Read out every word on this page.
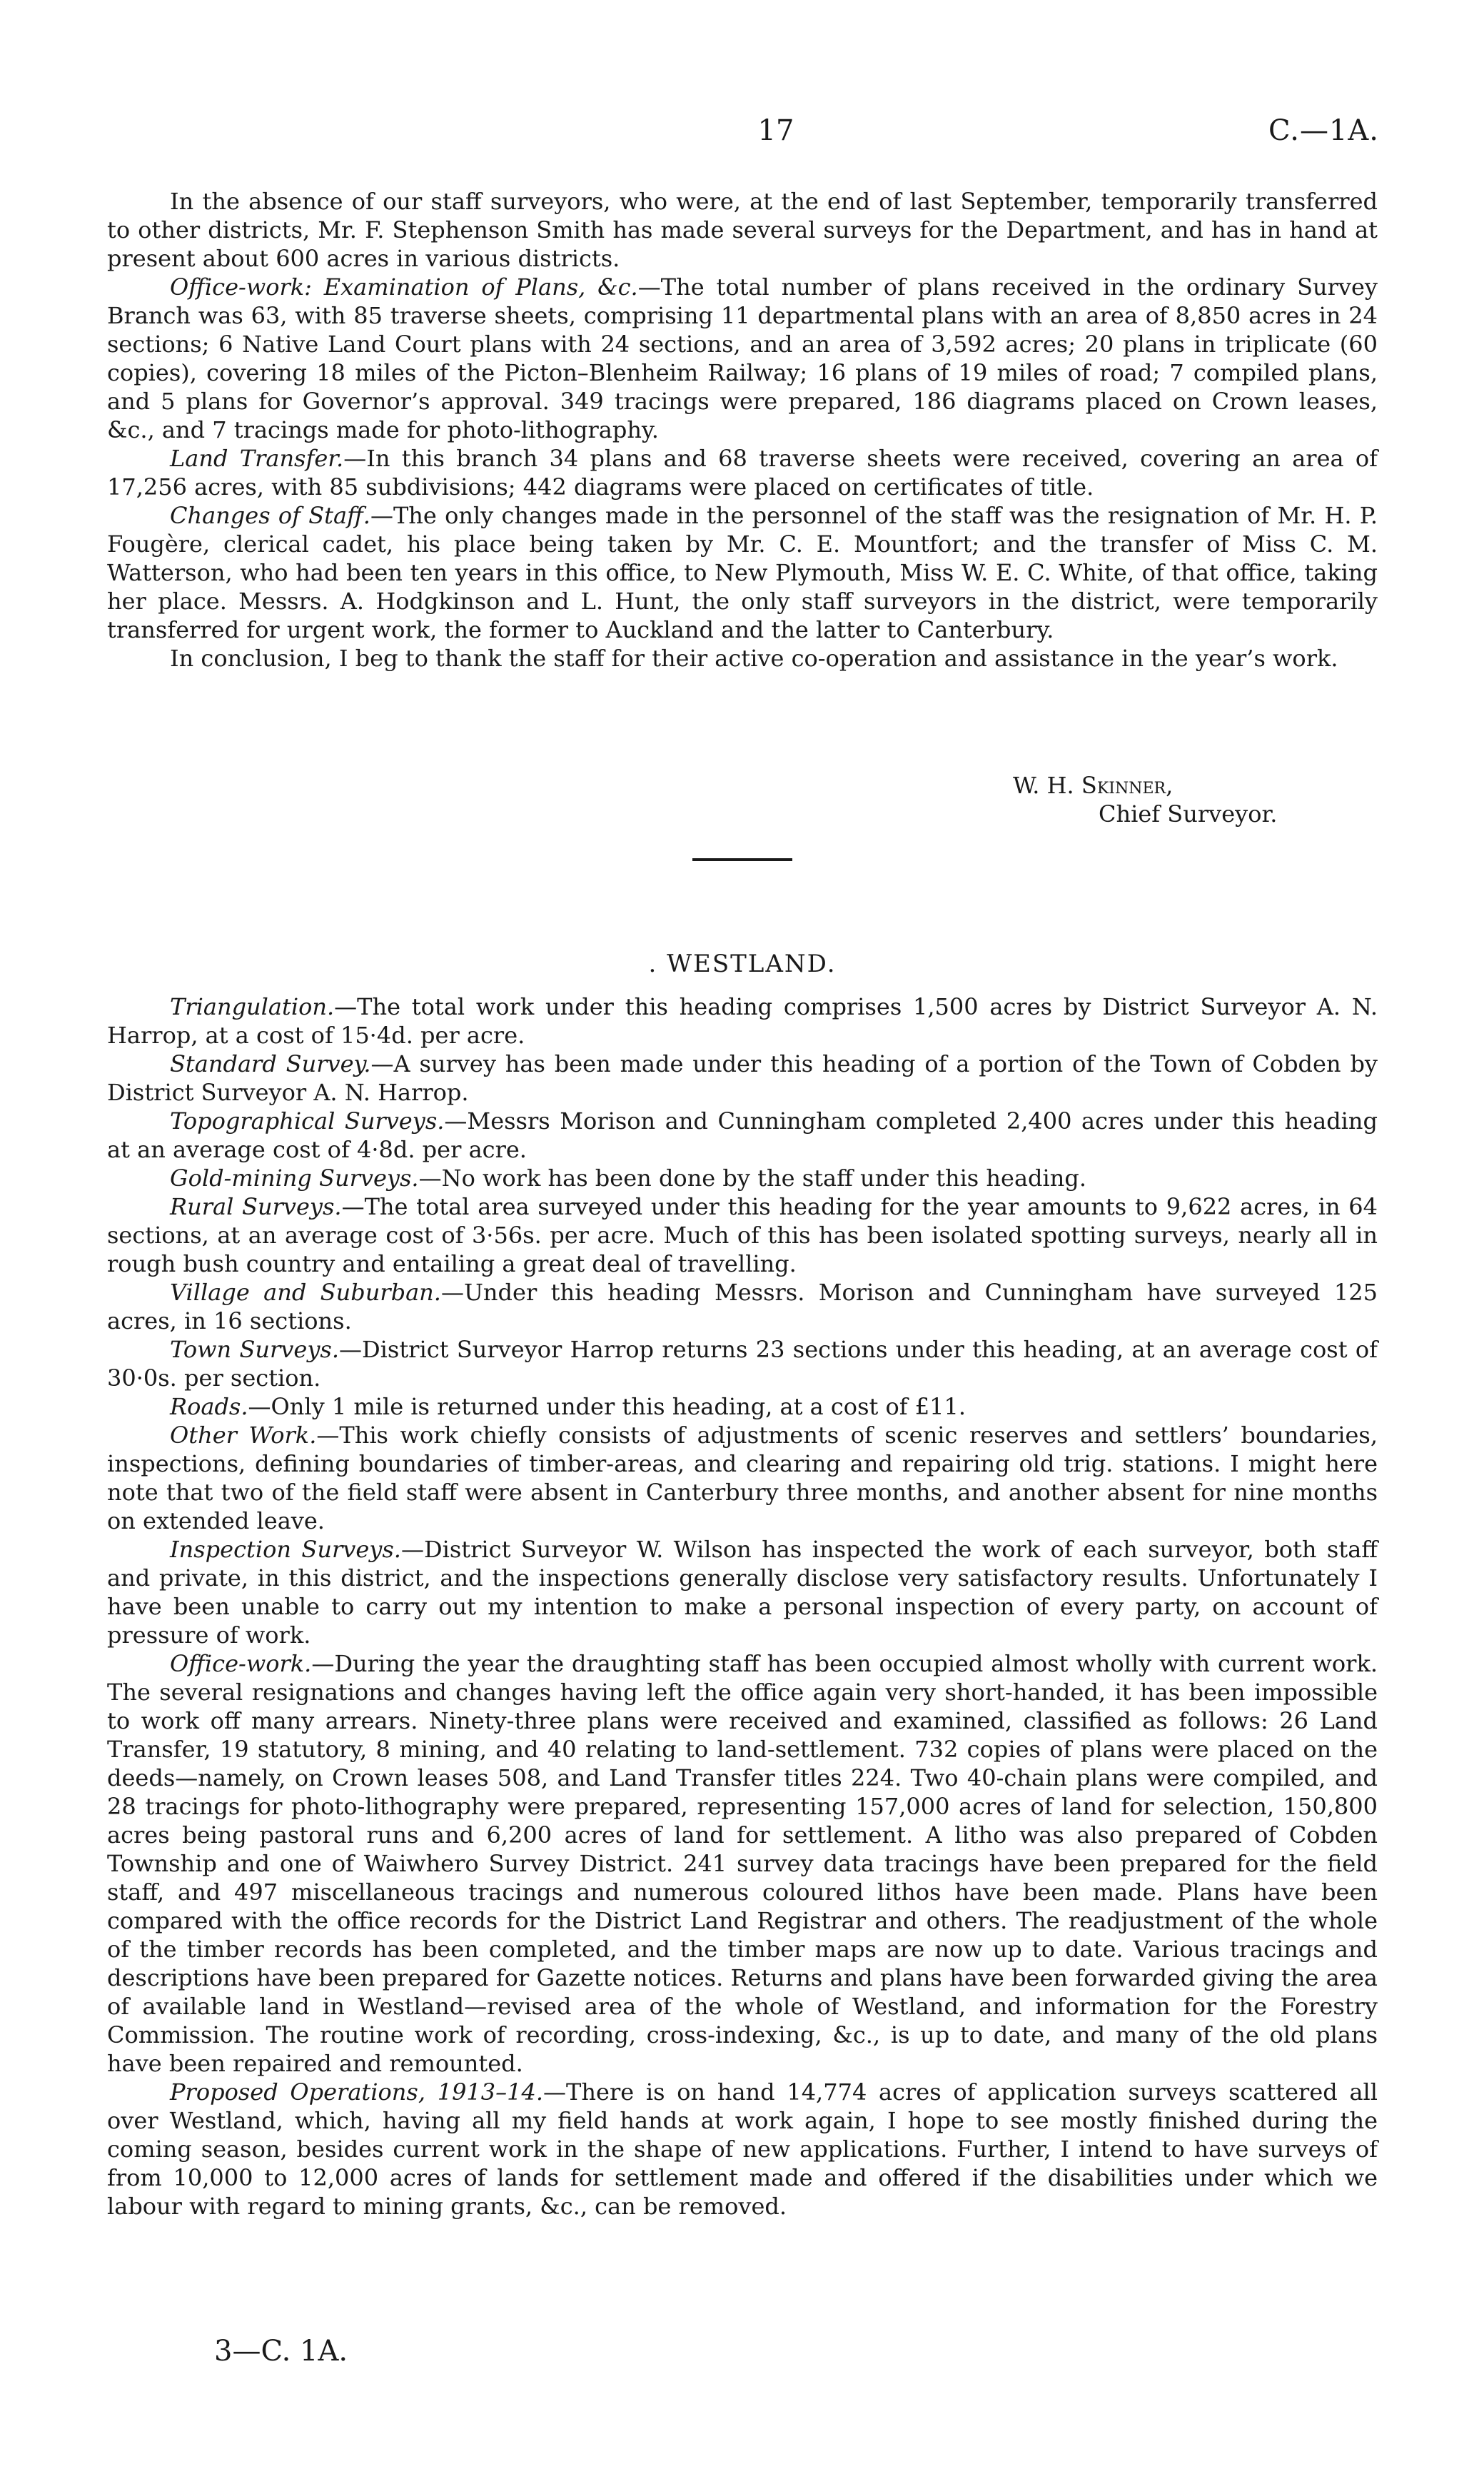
17	C.—1A.

In the absence of our staff surveyors, who were, at the end of last September, temporarily transferred to other districts, Mr. F. Stephenson Smith has made several surveys for the Department, and has in hand at present about 600 acres in various districts.

Office-work: Examination of Plans, &c.—The total number of plans received in the ordinary Survey Branch was 63, with 85 traverse sheets, comprising 11 departmental plans with an area of 8,850 acres in 24 sections; 6 Native Land Court plans with 24 sections, and an area of 3,592 acres; 20 plans in triplicate (60 copies), covering 18 miles of the Picton–Blenheim Railway; 16 plans of 19 miles of road; 7 compiled plans, and 5 plans for Governor’s approval. 349 tracings were prepared, 186 diagrams placed on Crown leases, &c., and 7 tracings made for photo-lithography.

Land Transfer.—In this branch 34 plans and 68 traverse sheets were received, covering an area of 17,256 acres, with 85 subdivisions; 442 diagrams were placed on certificates of title.

Changes of Staff.—The only changes made in the personnel of the staff was the resignation of Mr. H. P. Fougère, clerical cadet, his place being taken by Mr. C. E. Mountfort; and the transfer of Miss C. M. Watterson, who had been ten years in this office, to New Plymouth, Miss W. E. C. White, of that office, taking her place. Messrs. A. Hodgkinson and L. Hunt, the only staff surveyors in the district, were temporarily transferred for urgent work, the former to Auckland and the latter to Canterbury.

In conclusion, I beg to thank the staff for their active co-operation and assistance in the year’s work.

W. H. Skinner,
Chief Surveyor.
. WESTLAND.

Triangulation.—The total work under this heading comprises 1,500 acres by District Surveyor A. N. Harrop, at a cost of 15·4d. per acre.

Standard Survey.—A survey has been made under this heading of a portion of the Town of Cobden by District Surveyor A. N. Harrop.

Topographical Surveys.—Messrs Morison and Cunningham completed 2,400 acres under this heading at an average cost of 4·8d. per acre.

Gold-mining Surveys.—No work has been done by the staff under this heading.

Rural Surveys.—The total area surveyed under this heading for the year amounts to 9,622 acres, in 64 sections, at an average cost of 3·56s. per acre. Much of this has been isolated spotting surveys, nearly all in rough bush country and entailing a great deal of travelling.

Village and Suburban.—Under this heading Messrs. Morison and Cunningham have surveyed 125 acres, in 16 sections.

Town Surveys.—District Surveyor Harrop returns 23 sections under this heading, at an average cost of 30·0s. per section.

Roads.—Only 1 mile is returned under this heading, at a cost of £11.

Other Work.—This work chiefly consists of adjustments of scenic reserves and settlers’ boundaries, inspections, defining boundaries of timber-areas, and clearing and repairing old trig. stations. I might here note that two of the field staff were absent in Canterbury three months, and another absent for nine months on extended leave.

Inspection Surveys.—District Surveyor W. Wilson has inspected the work of each surveyor, both staff and private, in this district, and the inspections generally disclose very satisfactory results. Unfortunately I have been unable to carry out my intention to make a personal inspection of every party, on account of pressure of work.

Office-work.—During the year the draughting staff has been occupied almost wholly with current work. The several resignations and changes having left the office again very short-handed, it has been impossible to work off many arrears. Ninety-three plans were received and examined, classified as follows: 26 Land Transfer, 19 statutory, 8 mining, and 40 relating to land-settlement. 732 copies of plans were placed on the deeds—namely, on Crown leases 508, and Land Transfer titles 224. Two 40-chain plans were compiled, and 28 tracings for photo-lithography were prepared, representing 157,000 acres of land for selection, 150,800 acres being pastoral runs and 6,200 acres of land for settlement. A litho was also prepared of Cobden Township and one of Waiwhero Survey District. 241 survey data tracings have been prepared for the field staff, and 497 miscellaneous tracings and numerous coloured lithos have been made. Plans have been compared with the office records for the District Land Registrar and others. The readjustment of the whole of the timber records has been completed, and the timber maps are now up to date. Various tracings and descriptions have been prepared for Gazette notices. Returns and plans have been forwarded giving the area of available land in Westland—revised area of the whole of Westland, and information for the Forestry Commission. The routine work of recording, cross-indexing, &c., is up to date, and many of the old plans have been repaired and remounted.

Proposed Operations, 1913–14.—There is on hand 14,774 acres of application surveys scattered all over Westland, which, having all my field hands at work again, I hope to see mostly finished during the coming season, besides current work in the shape of new applications. Further, I intend to have surveys of from 10,000 to 12,000 acres of lands for settlement made and offered if the disabilities under which we labour with regard to mining grants, &c., can be removed.

3—C. 1A.
